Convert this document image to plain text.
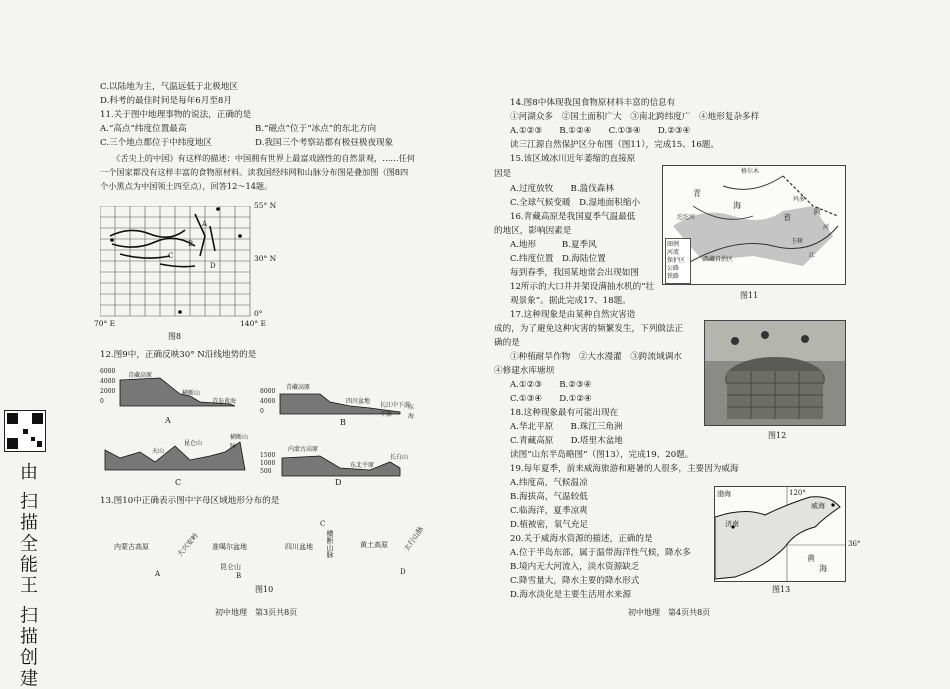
C.以陆地为主，气温远低于北极地区
D.科考的最佳时间是每年6月至8月
11.关于图中地理事物的说法，正确的是
A.“高点”纬度位置最高	B.“磁点”位于“冰点”的东北方向
C.三个地点都位于中纬度地区	D.我国三个考察站都有极昼极夜现象
《舌尖上的中国》有这样的描述：中国拥有世界上最富戏剧性的自然景观，……任何
一个国家都没有这样丰富的食物原材料。读我国经纬网和山脉分布图是叠加图（图8四
个小黑点为中国领土四至点），回答12～14题。
A
B
C
D
55° N
30° N
0°
70° E	140° E
图8
12.图9中，正确反映30° N沿线地势的是
6000
4000
2000
0
青藏高原
横断山
青岛黄海
A
8000
4000
0
青藏高原
四川盆地
长江中下游平原
东海
B
天山
昆仑山
横断山脉
C
1500
1000
500
内蒙古高原
东北平原
长白山
D
13.图10中正确表示图中字母区域地形分布的是
内蒙古高原	大兴安岭
A
准噶尔盆地
昆仑山
B
四川盆地 横断山脉
C
黄土高原 太行山脉
D
图10
初中地理　第3页共8页
14.图8中体现我国食物原材料丰富的信息有
①河湖众多　②国土面积广大　③南北跨纬度广　④地形复杂多样
A.①②③　　B.①②④　　C.①③④　　D.②③④
读三江源自然保护区分布图（图11），完成15、16题。
15.该区域冰川近年萎缩的直接原
因是
A.过度放牧　　B.滥伐森林
C.全球气候变暖　D.湿地面积缩小
16.青藏高原是我国夏季气温最低
的地区，影响因素是
A.地形　　　B.夏季风
C.纬度位置　D.海陆位置
每到春季，我国某地常会出现如图
12所示的大口井并架设满抽水机的“壮
观景象”。据此完成17、18题。
格尔木
青
海
省
沱沱河
玛多
黄
河
玉树
江
西藏自治区
图例
河流
保护区
公路
铁路
图11
17.这种现象是由某种自然灾害造
成的，为了避免这种灾害的频繁发生，下列做法正
确的是
①种植耐旱作物　②大水漫灌　③跨流域调水
④修建水库塘坝
A.①②③　　B.②③④
C.①③④　　D.①②④
18.这种现象最有可能出现在
A.华北平原　　B.珠江三角洲
C.青藏高原　　D.塔里木盆地
图12
读图“山东半岛略图”（图13），完成19、20题。
19.每年夏季，前来威海旅游和避暑的人很多，主要因为威海
A.纬度高，气候温凉
B.海拔高，气温较低
C.临海洋，夏季凉爽
D.植被密，氧气充足
20.关于威海水资源的描述，正确的是
A.位于半岛东部，属于温带海洋性气候，降水多
B.境内无大河流入，淡水资源缺乏
C.降雪量大，降水主要的降水形式
D.海水淡化是主要生活用水来源
渤海
威海
济南
黄
海
120°
36°
图13
初中地理　第4页共8页
由 扫描全能王 扫描创建
